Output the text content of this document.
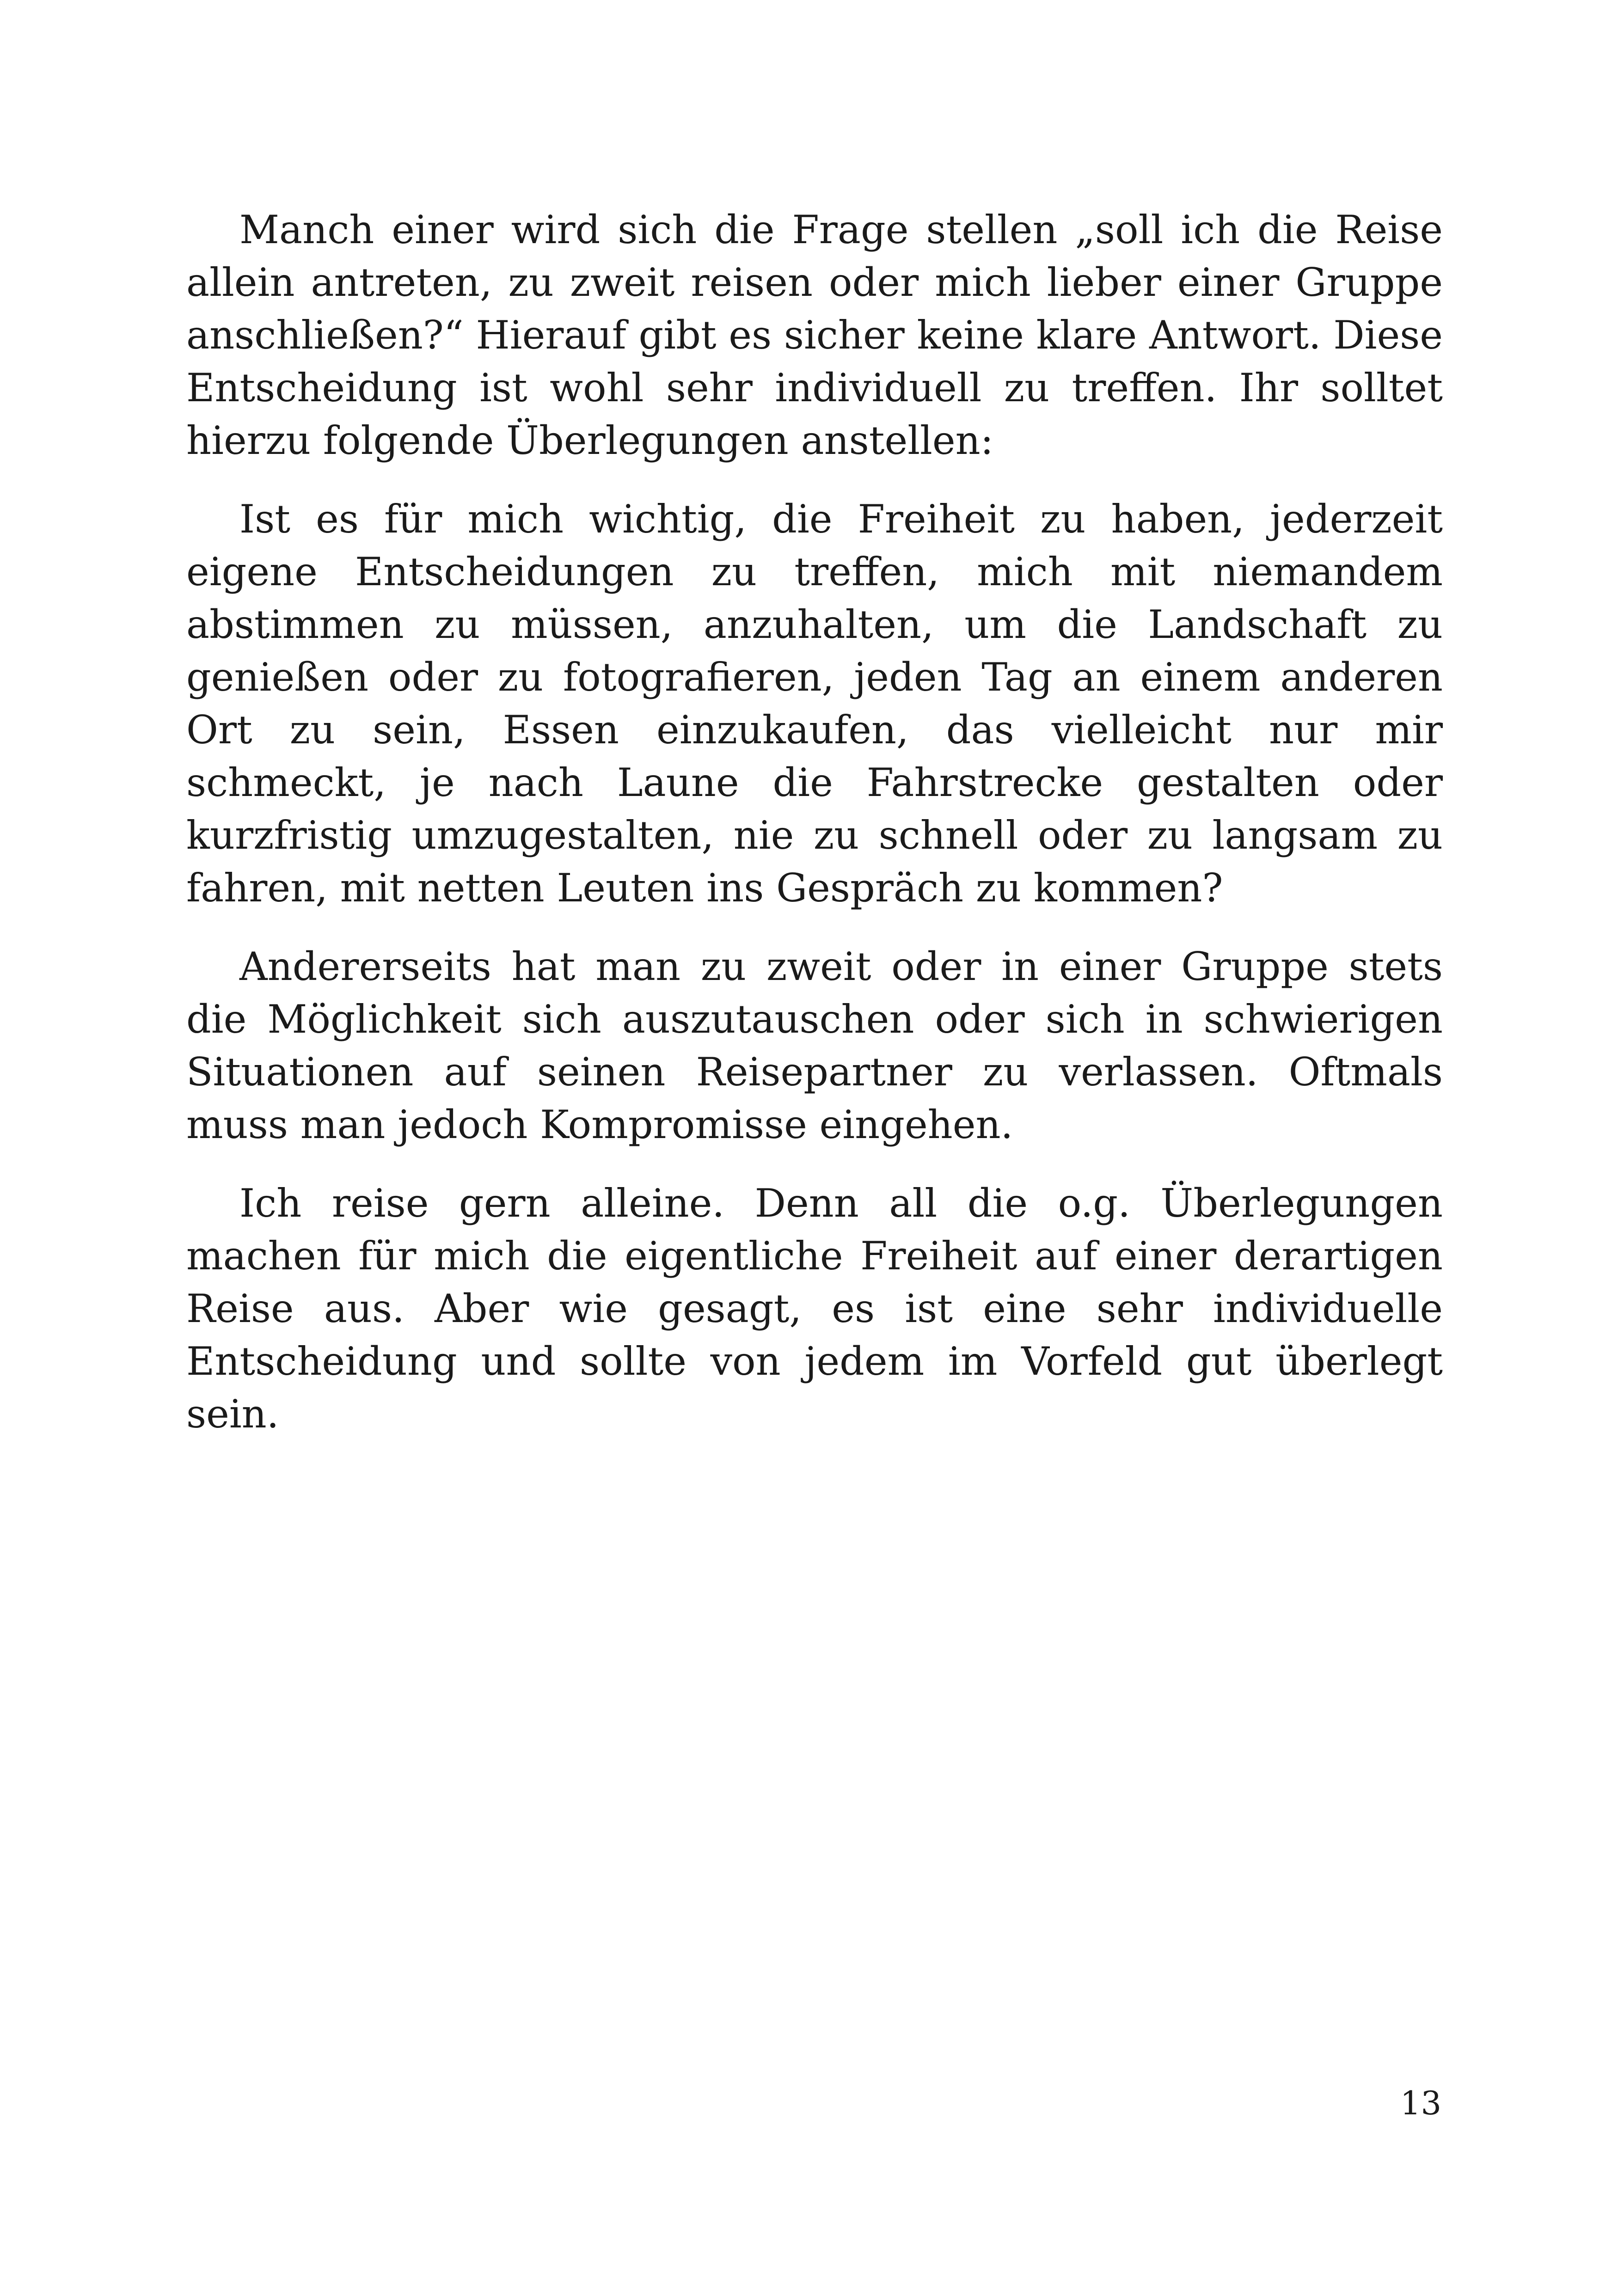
Manch einer wird sich die Frage stellen „soll ich die Reise allein antreten, zu zweit reisen oder mich lieber einer Gruppe anschließen?“ Hierauf gibt es sicher keine klare Antwort. Diese Entscheidung ist wohl sehr individuell zu treffen. Ihr solltet hierzu folgende Überlegungen anstellen:

Ist es für mich wichtig, die Freiheit zu haben, jederzeit eigene Entscheidungen zu treffen, mich mit niemandem abstimmen zu müssen, anzuhalten, um die Landschaft zu genießen oder zu fotografieren, jeden Tag an einem anderen Ort zu sein, Essen einzukaufen, das vielleicht nur mir schmeckt, je nach Laune die Fahrstrecke gestalten oder kurzfristig umzugestalten, nie zu schnell oder zu langsam zu fahren, mit netten Leuten ins Gespräch zu kommen?

Andererseits hat man zu zweit oder in einer Gruppe stets die Möglichkeit sich auszutauschen oder sich in schwierigen Situationen auf seinen Reisepartner zu verlassen. Oftmals muss man jedoch Kompromisse eingehen.

Ich reise gern alleine. Denn all die o.g. Überlegungen machen für mich die eigentliche Freiheit auf einer derartigen Reise aus. Aber wie gesagt, es ist eine sehr individuelle Entscheidung und sollte von jedem im Vorfeld gut überlegt sein.

13
